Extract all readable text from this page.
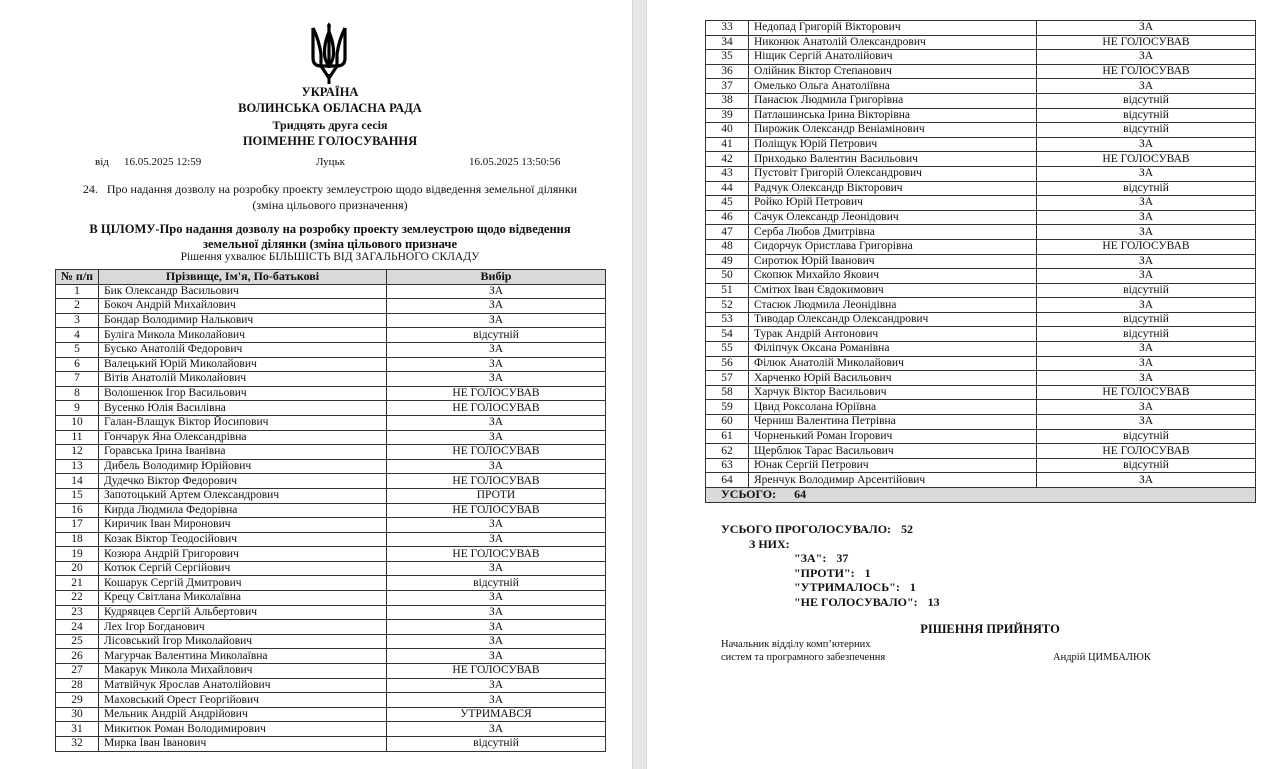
УКРАЇНА
ВОЛИНСЬКА ОБЛАСНА РАДА
Тридцять друга сесія
ПОІМЕННЕ ГОЛОСУВАННЯ
від 16.05.2025 12:59	Луцьк	16.05.2025 13:50:56
24. Про надання дозволу на розробку проекту землеустрою щодо відведення земельної ділянки (зміна цільового призначення)
В ЦІЛОМУ-Про надання дозволу на розробку проекту землеустрою щодо відведення земельної ділянки (зміна цільового призначе
Рішення ухвалює БІЛЬШІСТЬ ВІД ЗАГАЛЬНОГО СКЛАДУ
№ п/п	Прізвище, Ім'я, По-батькові	Вибір
1	Бик Олександр Васильович	ЗА
2	Бокоч Андрій Михайлович	ЗА
3	Бондар Володимир Налькович	ЗА
4	Буліга Микола Миколайович	відсутній
5	Бусько Анатолій Федорович	ЗА
6	Валецький Юрій Миколайович	ЗА
7	Вітів Анатолій Миколайович	ЗА
8	Волошенюк Ігор Васильович	НЕ ГОЛОСУВАВ
9	Вусенко Юлія Василівна	НЕ ГОЛОСУВАВ
10	Галан-Влащук Віктор Йосипович	ЗА
11	Гончарук Яна Олександрівна	ЗА
12	Горавська Ірина Іванівна	НЕ ГОЛОСУВАВ
13	Дибель Володимир Юрійович	ЗА
14	Дудечко Віктор Федорович	НЕ ГОЛОСУВАВ
15	Запотоцький Артем Олександрович	ПРОТИ
16	Кирда Людмила Федорівна	НЕ ГОЛОСУВАВ
17	Киричик Іван Миронович	ЗА
18	Козак Віктор Теодосійович	ЗА
19	Козюра Андрій Григорович	НЕ ГОЛОСУВАВ
20	Котюк Сергій Сергійович	ЗА
21	Кошарук Сергій Дмитрович	відсутній
22	Крецу Світлана Миколаївна	ЗА
23	Кудрявцев Сергій Альбертович	ЗА
24	Лех Ігор Богданович	ЗА
25	Лісовський Ігор Миколайович	ЗА
26	Магурчак Валентина Миколаївна	ЗА
27	Макарук Микола Михайлович	НЕ ГОЛОСУВАВ
28	Матвійчук Ярослав Анатолійович	ЗА
29	Маховський Орест Георгійович	ЗА
30	Мельник Андрій Андрійович	УТРИМАВСЯ
31	Микитюк Роман Володимирович	ЗА
32	Мирка Іван Іванович	відсутній
33	Недопад Григорій Вікторович	ЗА
34	Никонюк Анатолій Олександрович	НЕ ГОЛОСУВАВ
35	Ніщик Сергій Анатолійович	ЗА
36	Олійник Віктор Степанович	НЕ ГОЛОСУВАВ
37	Омелько Ольга Анатоліївна	ЗА
38	Панасюк Людмила Григорівна	відсутній
39	Патлашинська Ірина Вікторівна	відсутній
40	Пирожик Олександр Веніамінович	відсутній
41	Поліщук Юрій Петрович	ЗА
42	Приходько Валентин Васильович	НЕ ГОЛОСУВАВ
43	Пустовіт Григорій Олександрович	ЗА
44	Радчук Олександр Вікторович	відсутній
45	Ройко Юрій Петрович	ЗА
46	Сачук Олександр Леонідович	ЗА
47	Серба Любов Дмитрівна	ЗА
48	Сидорчук Ористлава Григорівна	НЕ ГОЛОСУВАВ
49	Сиротюк Юрій Іванович	ЗА
50	Скопюк Михайло Якович	ЗА
51	Смітюх Іван Євдокимович	відсутній
52	Стасюк Людмила Леонідівна	ЗА
53	Тиводар Олександр Олександрович	відсутній
54	Турак Андрій Антонович	відсутній
55	Філіпчук Оксана Романівна	ЗА
56	Філюк Анатолій Миколайович	ЗА
57	Харченко Юрій Васильович	ЗА
58	Харчук Віктор Васильович	НЕ ГОЛОСУВАВ
59	Цвид Роксолана Юріївна	ЗА
60	Черниш Валентина Петрівна	ЗА
61	Чорненький Роман Ігорович	відсутній
62	Щерблюк Тарас Васильович	НЕ ГОЛОСУВАВ
63	Юнак Сергій Петрович	відсутній
64	Яренчук Володимир Арсентійович	ЗА
УСЬОГО: 64		
УСЬОГО ПРОГОЛОСУВАЛО: 52
З НИХ:
"ЗА": 37
"ПРОТИ": 1
"УТРИМАЛОСЬ": 1
"НЕ ГОЛОСУВАЛО": 13
РІШЕННЯ ПРИЙНЯТО
Начальник відділу комп’ютерних
систем та програмного забезпечення	Андрій ЦИМБАЛЮК
